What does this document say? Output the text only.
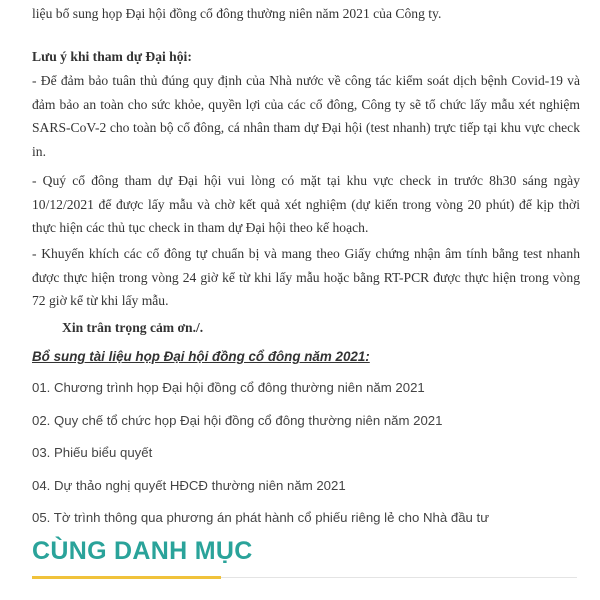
liệu bổ sung họp Đại hội đồng cổ đông thường niên năm 2021 của Công ty.

Lưu ý khi tham dự Đại hội:

- Để đảm bảo tuân thủ đúng quy định của Nhà nước về công tác kiểm soát dịch bệnh Covid-19 và đảm bảo an toàn cho sức khỏe, quyền lợi của các cổ đông, Công ty sẽ tổ chức lấy mẫu xét nghiệm SARS-CoV-2 cho toàn bộ cổ đông, cá nhân tham dự Đại hội (test nhanh) trực tiếp tại khu vực check in.

- Quý cổ đông tham dự Đại hội vui lòng có mặt tại khu vực check in trước 8h30 sáng ngày 10/12/2021 để được lấy mẫu và chờ kết quả xét nghiệm (dự kiến trong vòng 20 phút) để kịp thời thực hiện các thủ tục check in tham dự Đại hội theo kế hoạch.

- Khuyến khích các cổ đông tự chuẩn bị và mang theo Giấy chứng nhận âm tính bằng test nhanh được thực hiện trong vòng 24 giờ kể từ khi lấy mẫu hoặc bằng RT-PCR được thực hiện trong vòng 72 giờ kể từ khi lấy mẫu.

Xin trân trọng cảm ơn./.

Bổ sung tài liệu họp Đại hội đồng cổ đông năm 2021:
01. Chương trình họp Đại hội đồng cổ đông thường niên năm 2021
02. Quy chế tổ chức họp Đại hội đồng cổ đông thường niên năm 2021
03. Phiếu biểu quyết
04. Dự thảo nghị quyết HĐCĐ thường niên năm 2021
05. Tờ trình thông qua phương án phát hành cổ phiếu riêng lẻ cho Nhà đầu tư
CÙNG DANH MỤC
